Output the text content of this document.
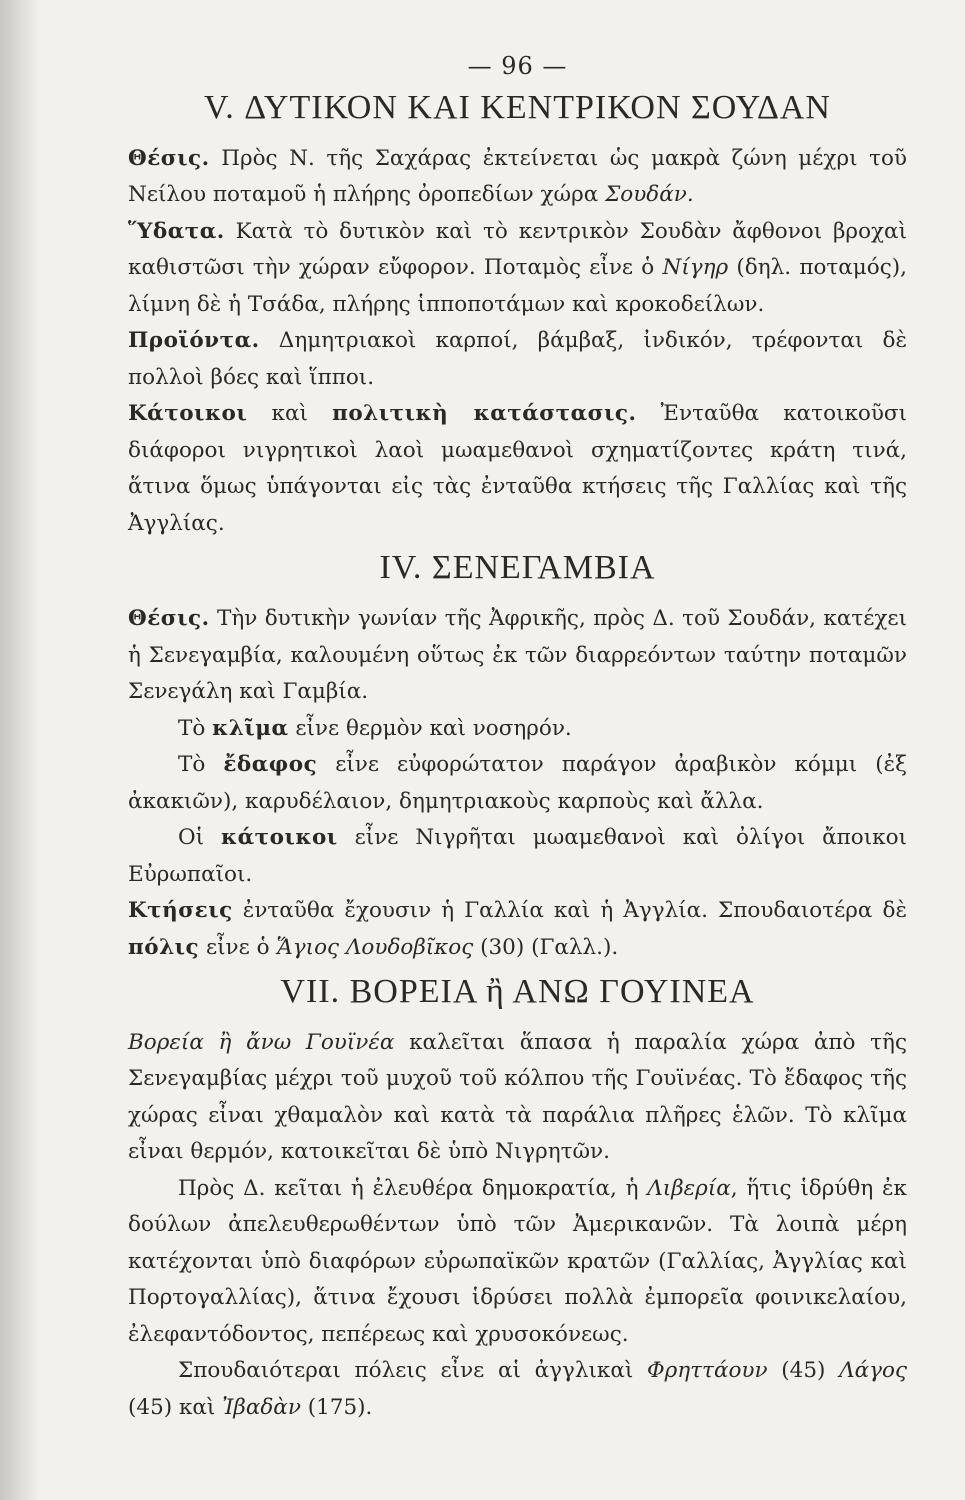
— 96 —
V. ΔΥΤΙΚΟΝ ΚΑΙ ΚΕΝΤΡΙΚΟΝ ΣΟΥΔΑΝ

Θέσις. Πρὸς Ν. τῆς Σαχάρας ἐκτείνεται ὡς μακρὰ ζώνη μέχρι τοῦ Νείλου ποταμοῦ ἡ πλήρης ὀροπεδίων χώρα Σουδάν.

Ὕδατα. Κατὰ τὸ δυτικὸν καὶ τὸ κεντρικὸν Σουδὰν ἄφθονοι βροχαὶ καθιστῶσι τὴν χώραν εὔφορον. Ποταμὸς εἶνε ὁ Νίγηρ (δηλ. ποταμός), λίμνη δὲ ἡ Τσάδα, πλήρης ἱπποποτάμων καὶ κροκοδείλων.

Προϊόντα. Δημητριακοὶ καρποί, βάμβαξ, ἰνδικόν, τρέφονται δὲ πολλοὶ βόες καὶ ἵπποι.

Κάτοικοι καὶ πολιτικὴ κατάστασις. Ἐνταῦθα κατοικοῦσι διάφοροι νιγρητικοὶ λαοὶ μωαμεθανοὶ σχηματίζοντες κράτη τινά, ἅτινα ὅμως ὑπάγονται εἰς τὰς ἐνταῦθα κτήσεις τῆς Γαλλίας καὶ τῆς Ἀγγλίας.

IV. ΣΕΝΕΓΑΜΒΙΑ

Θέσις. Τὴν δυτικὴν γωνίαν τῆς Ἀφρικῆς, πρὸς Δ. τοῦ Σουδάν, κατέχει ἡ Σενεγαμβία, καλουμένη οὕτως ἐκ τῶν διαρρεόντων ταύτην ποταμῶν Σενεγάλη καὶ Γαμβία.

Τὸ κλῖμα εἶνε θερμὸν καὶ νοσηρόν.

Τὸ ἔδαφος εἶνε εὐφορώτατον παράγον ἀραβικὸν κόμμι (ἐξ ἀκακιῶν), καρυδέλαιον, δημητριακοὺς καρποὺς καὶ ἄλλα.

Οἱ κάτοικοι εἶνε Νιγρῆται μωαμεθανοὶ καὶ ὀλίγοι ἄποικοι Εὐρωπαῖοι.

Κτήσεις ἐνταῦθα ἔχουσιν ἡ Γαλλία καὶ ἡ Ἀγγλία. Σπουδαιοτέρα δὲ πόλις εἶνε ὁ Ἅγιος Λουδοβῖκος (30) (Γαλλ.).

VII. ΒΟΡΕΙΑ ἢ ΑΝΩ ΓΟΥΙΝΕΑ

Βορεία ἢ ἄνω Γουϊνέα καλεῖται ἅπασα ἡ παραλία χώρα ἀπὸ τῆς Σενεγαμβίας μέχρι τοῦ μυχοῦ τοῦ κόλπου τῆς Γουϊνέας. Τὸ ἔδαφος τῆς χώρας εἶναι χθαμαλὸν καὶ κατὰ τὰ παράλια πλῆρες ἑλῶν. Τὸ κλῖμα εἶναι θερμόν, κατοικεῖται δὲ ὑπὸ Νιγρητῶν.

Πρὸς Δ. κεῖται ἡ ἐλευθέρα δημοκρατία, ἡ Λιβερία, ἥτις ἱδρύθη ἐκ δούλων ἀπελευθερωθέντων ὑπὸ τῶν Ἀμερικανῶν. Τὰ λοιπὰ μέρη κατέχονται ὑπὸ διαφόρων εὐρωπαϊκῶν κρατῶν (Γαλλίας, Ἀγγλίας καὶ Πορτογαλλίας), ἅτινα ἔχουσι ἱδρύσει πολλὰ ἐμπορεῖα φοινικελαίου, ἐλεφαντόδοντος, πεπέρεως καὶ χρυσοκόνεως.

Σπουδαιότεραι πόλεις εἶνε αἱ ἀγγλικαὶ Φρηττάουν (45) Λάγος (45) καὶ Ἰβαδὰν (175).
